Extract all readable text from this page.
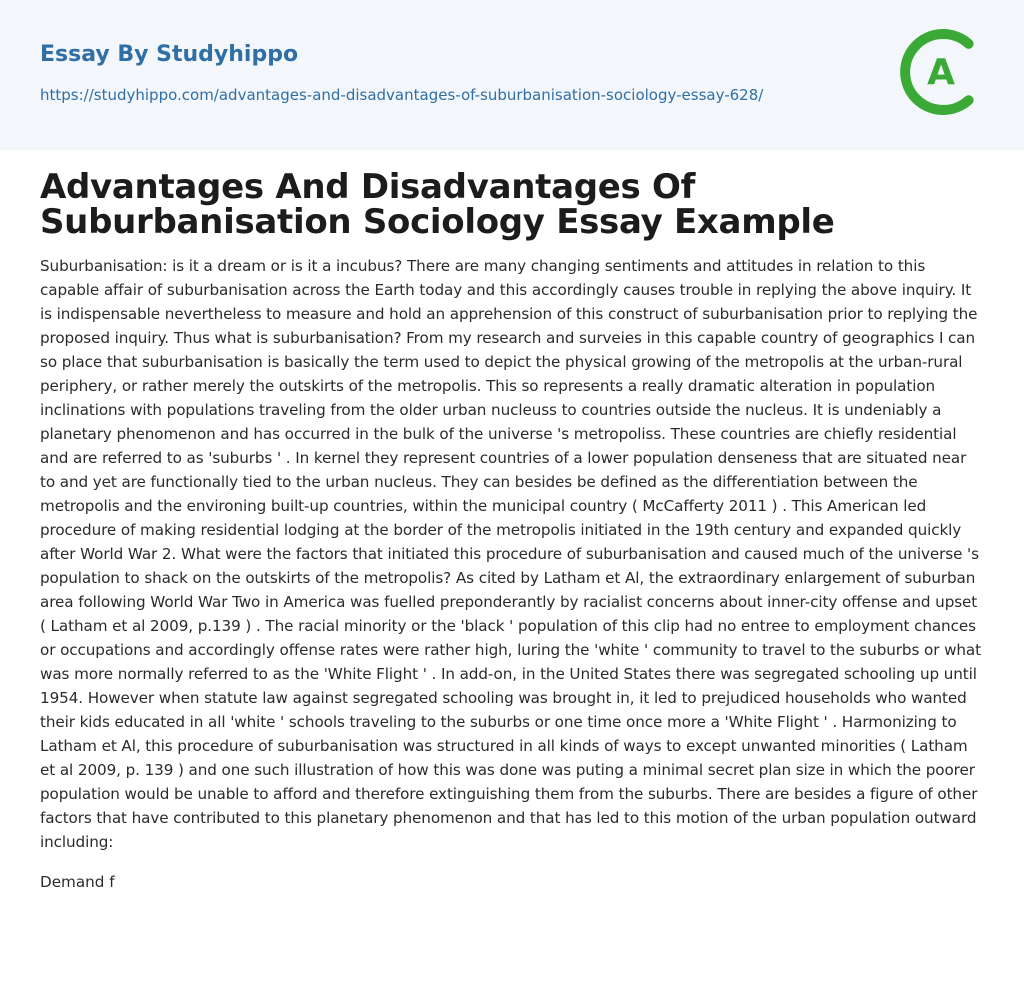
Essay By Studyhippo
https://studyhippo.com/advantages-and-disadvantages-of-suburbanisation-sociology-essay-628/
A
Advantages And Disadvantages Of Suburbanisation Sociology Essay Example

Suburbanisation: is it a dream or is it a incubus? There are many changing sentiments and attitudes in relation to this capable affair of suburbanisation across the Earth today and this accordingly causes trouble in replying the above inquiry. It is indispensable nevertheless to measure and hold an apprehension of this construct of suburbanisation prior to replying the proposed inquiry. Thus what is suburbanisation? From my research and surveies in this capable country of geographics I can so place that suburbanisation is basically the term used to depict the physical growing of the metropolis at the urban-rural periphery, or rather merely the outskirts of the metropolis. This so represents a really dramatic alteration in population inclinations with populations traveling from the older urban nucleuss to countries outside the nucleus. It is undeniably a planetary phenomenon and has occurred in the bulk of the universe 's metropoliss. These countries are chiefly residential and are referred to as 'suburbs ' . In kernel they represent countries of a lower population denseness that are situated near to and yet are functionally tied to the urban nucleus. They can besides be defined as the differentiation between the metropolis and the environing built-up countries, within the municipal country ( McCafferty 2011 ) . This American led procedure of making residential lodging at the border of the metropolis initiated in the 19th century and expanded quickly after World War 2. What were the factors that initiated this procedure of suburbanisation and caused much of the universe 's population to shack on the outskirts of the metropolis? As cited by Latham et Al, the extraordinary enlargement of suburban area following World War Two in America was fuelled preponderantly by racialist concerns about inner-city offense and upset ( Latham et al 2009, p.139 ) . The racial minority or the 'black ' population of this clip had no entree to employment chances or occupations and accordingly offense rates were rather high, luring the 'white ' community to travel to the suburbs or what was more normally referred to as the 'White Flight ' . In add-on, in the United States there was segregated schooling up until 1954. However when statute law against segregated schooling was brought in, it led to prejudiced households who wanted their kids educated in all 'white ' schools traveling to the suburbs or one time once more a 'White Flight ' . Harmonizing to Latham et Al, this procedure of suburbanisation was structured in all kinds of ways to except unwanted minorities ( Latham et al 2009, p. 139 ) and one such illustration of how this was done was puting a minimal secret plan size in which the poorer population would be unable to afford and therefore extinguishing them from the suburbs. There are besides a figure of other factors that have contributed to this planetary phenomenon and that has led to this motion of the urban population outward including:

Demand f
